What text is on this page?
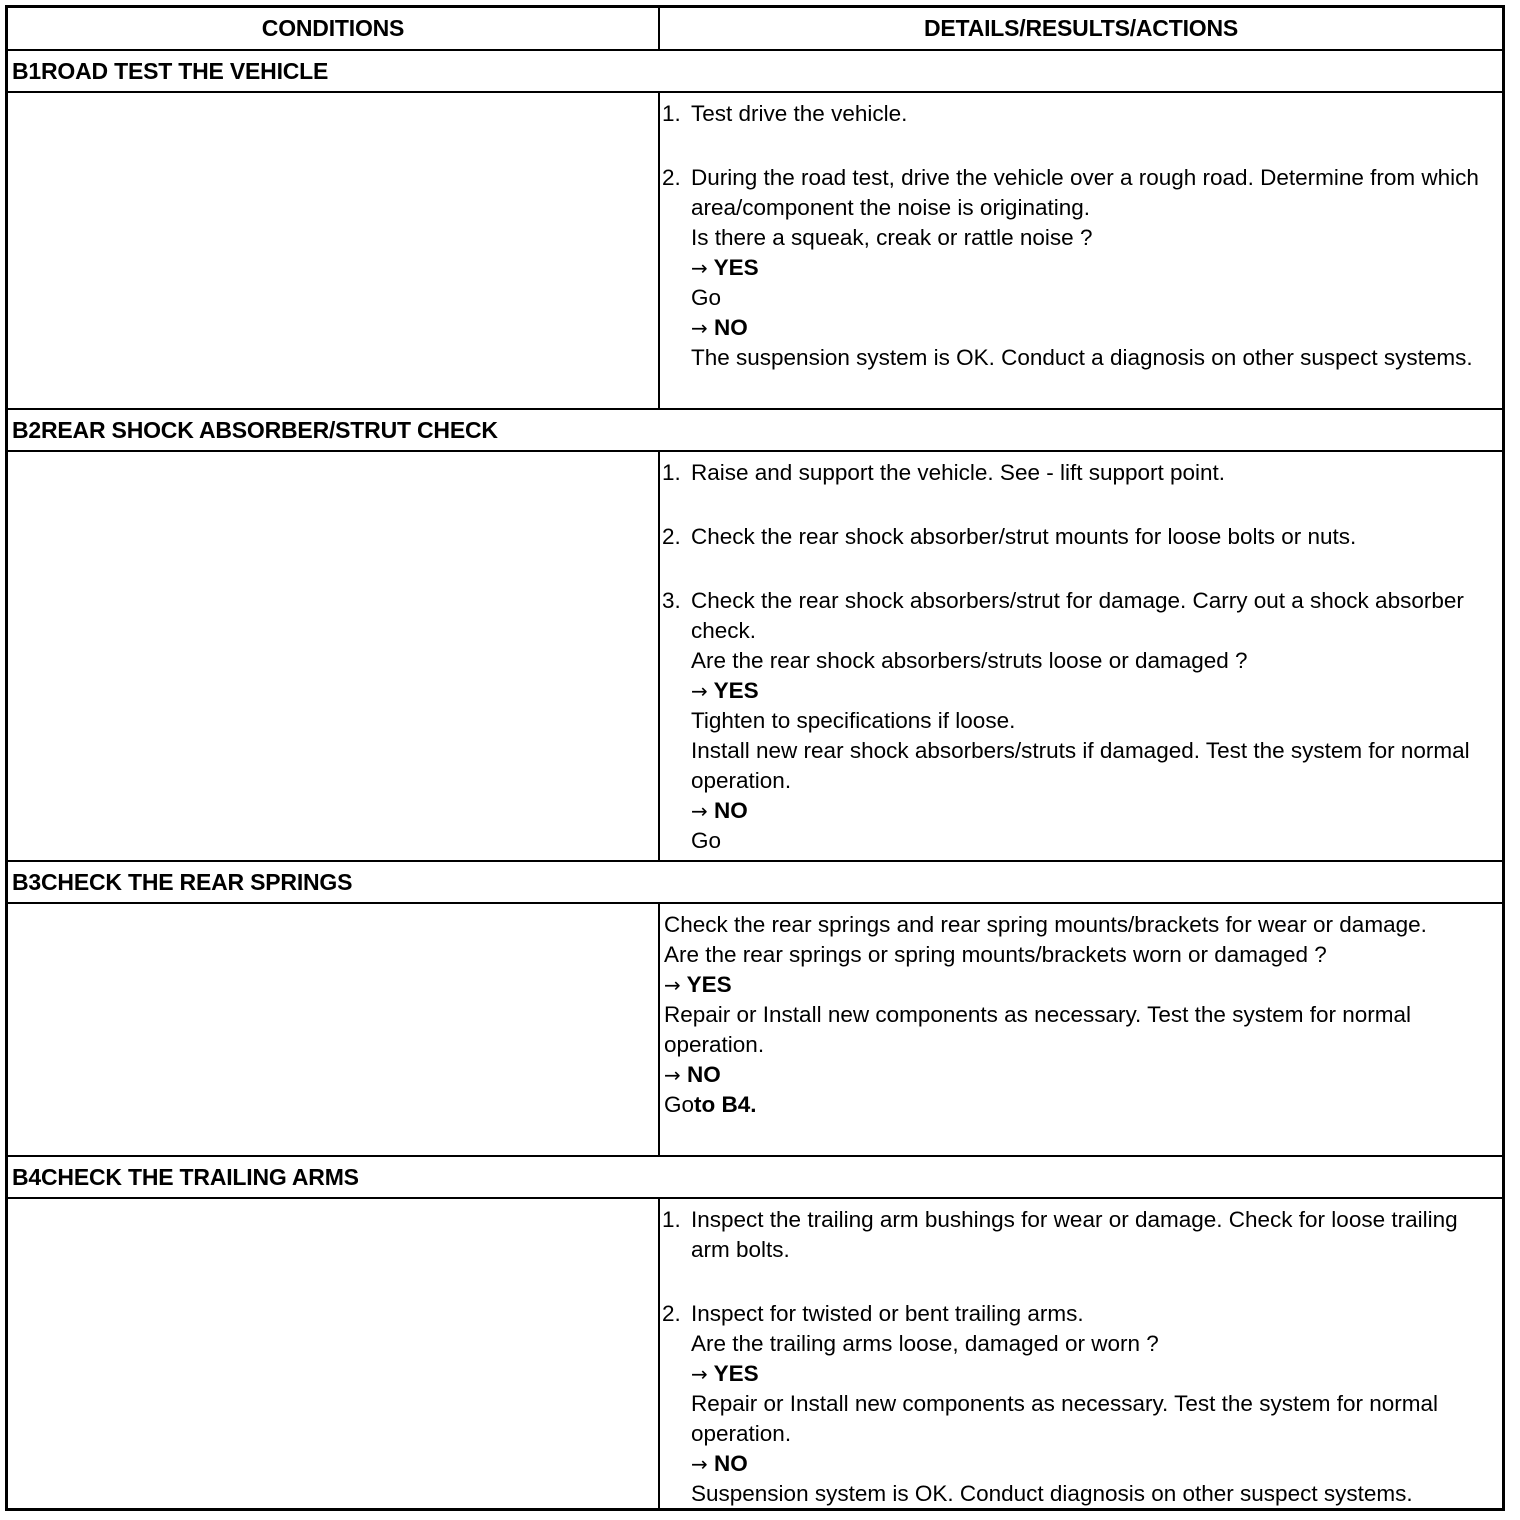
CONDITIONS	DETAILS/RESULTS/ACTIONS
B1ROAD TEST THE VEHICLE
1. Test drive the vehicle.
2. During the road test, drive the vehicle over a rough road. Determine from which area/component the noise is originating.
Is there a squeak, creak or rattle noise ?
→ YES
Go
→ NO
The suspension system is OK. Conduct a diagnosis on other suspect systems.
B2REAR SHOCK ABSORBER/STRUT CHECK
1. Raise and support the vehicle. See - lift support point.
2. Check the rear shock absorber/strut mounts for loose bolts or nuts.
3. Check the rear shock absorbers/strut for damage. Carry out a shock absorber check.
Are the rear shock absorbers/struts loose or damaged ?
→ YES
Tighten to specifications if loose.
Install new rear shock absorbers/struts if damaged. Test the system for normal operation.
→ NO
Go
B3CHECK THE REAR SPRINGS
Check the rear springs and rear spring mounts/brackets for wear or damage.
Are the rear springs or spring mounts/brackets worn or damaged ?
→ YES
Repair or Install new components as necessary. Test the system for normal operation.
→ NO
Goto B4.
B4CHECK THE TRAILING ARMS
1. Inspect the trailing arm bushings for wear or damage. Check for loose trailing arm bolts.
2. Inspect for twisted or bent trailing arms.
Are the trailing arms loose, damaged or worn ?
→ YES
Repair or Install new components as necessary. Test the system for normal operation.
→ NO
Suspension system is OK. Conduct diagnosis on other suspect systems.
